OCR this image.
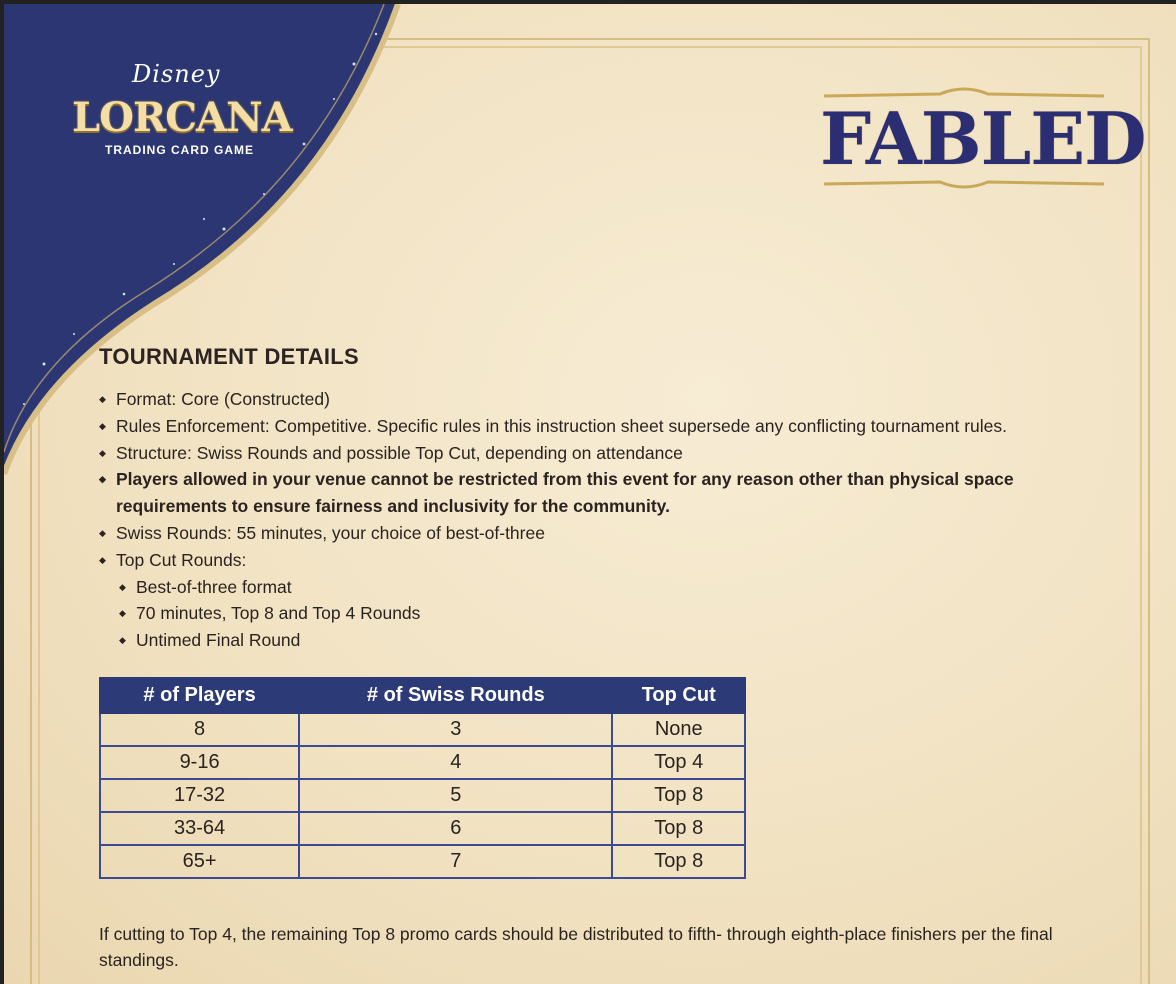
Disney
LORCANA
TRADING CARD GAME	FABLED
TOURNAMENT DETAILS
◆ Format: Core (Constructed)
◆ Rules Enforcement: Competitive. Specific rules in this instruction sheet supersede any conflicting tournament rules.
◆ Structure: Swiss Rounds and possible Top Cut, depending on attendance
◆ Players allowed in your venue cannot be restricted from this event for any reason other than physical space requirements to ensure fairness and inclusivity for the community.
◆ Swiss Rounds: 55 minutes, your choice of best-of-three
◆ Top Cut Rounds:
◆ Best-of-three format
◆ 70 minutes, Top 8 and Top 4 Rounds
◆ Untimed Final Round
# of Players	# of Swiss Rounds	Top Cut
8	3	None
9-16	4	Top 4
17-32	5	Top 8
33-64	6	Top 8
65+	7	Top 8

If cutting to Top 4, the remaining Top 8 promo cards should be distributed to fifth- through eighth-place finishers per the final standings.
